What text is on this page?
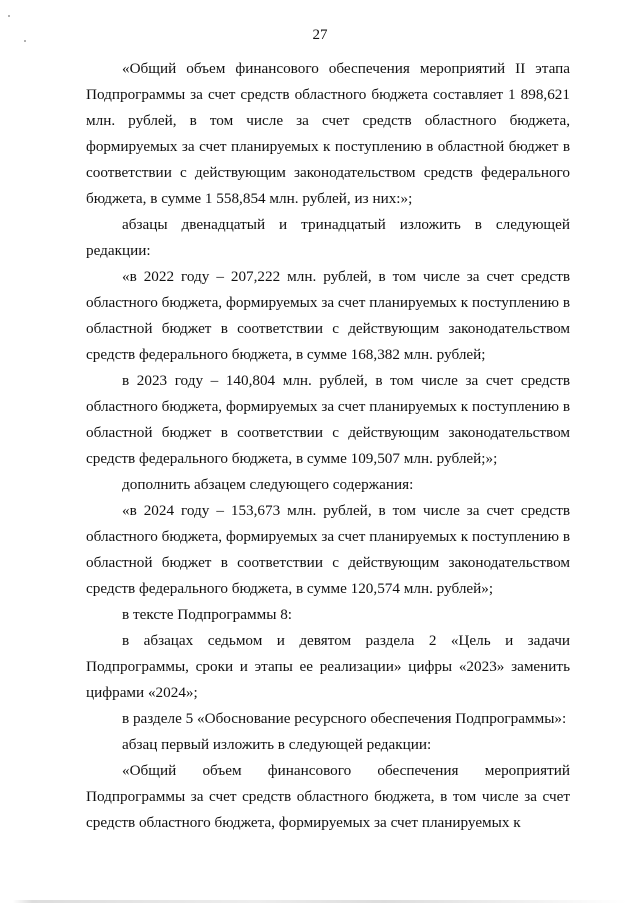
27

«Общий объем финансового обеспечения мероприятий II этапа Подпрограммы за счет средств областного бюджета составляет 1 898,621 млн. рублей, в том числе за счет средств областного бюджета, формируемых за счет планируемых к поступлению в областной бюджет в соответствии с действующим законодательством средств федерального бюджета, в сумме 1 558,854 млн. рублей, из них:»;

абзацы двенадцатый и тринадцатый изложить в следующей редакции:

«в 2022 году – 207,222 млн. рублей, в том числе за счет средств областного бюджета, формируемых за счет планируемых к поступлению в областной бюджет в соответствии с действующим законодательством средств федерального бюджета, в сумме 168,382 млн. рублей;

в 2023 году – 140,804 млн. рублей, в том числе за счет средств областного бюджета, формируемых за счет планируемых к поступлению в областной бюджет в соответствии с действующим законодательством средств федерального бюджета, в сумме 109,507 млн. рублей;»;

дополнить абзацем следующего содержания:

«в 2024 году – 153,673 млн. рублей, в том числе за счет средств областного бюджета, формируемых за счет планируемых к поступлению в областной бюджет в соответствии с действующим законодательством средств федерального бюджета, в сумме 120,574 млн. рублей»;

в тексте Подпрограммы 8:

в абзацах седьмом и девятом раздела 2 «Цель и задачи Подпрограммы, сроки и этапы ее реализации» цифры «2023» заменить цифрами «2024»;

в разделе 5 «Обоснование ресурсного обеспечения Подпрограммы»:

абзац первый изложить в следующей редакции:

«Общий объем финансового обеспечения мероприятий Подпрограммы за счет средств областного бюджета, в том числе за счет средств областного бюджета, формируемых за счет планируемых к
